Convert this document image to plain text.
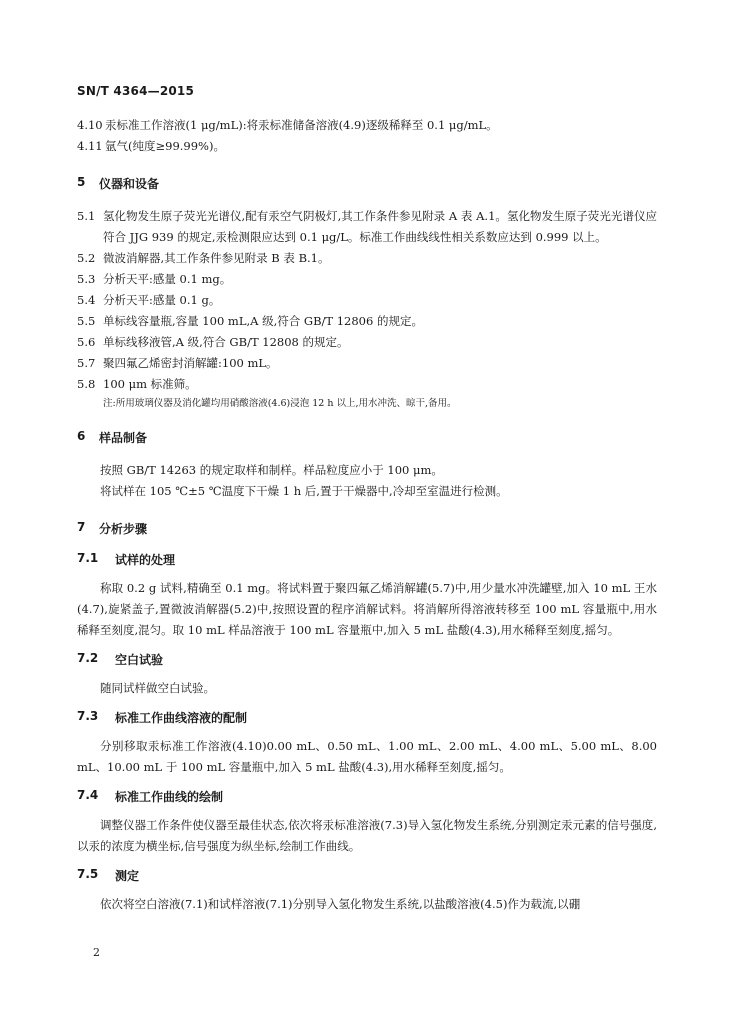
SN/T 4364—2015
4.10 汞标准工作溶液(1 μg/mL):将汞标准储备溶液(4.9)逐级稀释至 0.1 μg/mL。
4.11 氩气(纯度≥99.99%)。
5	仪器和设备
5.1 氢化物发生原子荧光光谱仪,配有汞空气阴极灯,其工作条件参见附录 A 表 A.1。氢化物发生原子荧光光谱仪应符合 JJG 939 的规定,汞检测限应达到 0.1 μg/L。标准工作曲线线性相关系数应达到 0.999 以上。
5.2 微波消解器,其工作条件参见附录 B 表 B.1。
5.3 分析天平:感量 0.1 mg。
5.4 分析天平:感量 0.1 g。
5.5 单标线容量瓶,容量 100 mL,A 级,符合 GB/T 12806 的规定。
5.6 单标线移液管,A 级,符合 GB/T 12808 的规定。
5.7 聚四氟乙烯密封消解罐:100 mL。
5.8 100 μm 标准筛。
注:所用玻璃仪器及消化罐均用硝酸溶液(4.6)浸泡 12 h 以上,用水冲洗、晾干,备用。
6	样品制备

按照 GB/T 14263 的规定取样和制样。样品粒度应小于 100 μm。

将试样在 105 ℃±5 ℃温度下干燥 1 h 后,置于干燥器中,冷却至室温进行检测。

7	分析步骤
7.1	试样的处理

称取 0.2 g 试料,精确至 0.1 mg。将试料置于聚四氟乙烯消解罐(5.7)中,用少量水冲洗罐壁,加入 10 mL 王水(4.7),旋紧盖子,置微波消解器(5.2)中,按照设置的程序消解试料。将消解所得溶液转移至 100 mL 容量瓶中,用水稀释至刻度,混匀。取 10 mL 样品溶液于 100 mL 容量瓶中,加入 5 mL 盐酸(4.3),用水稀释至刻度,摇匀。

7.2	空白试验

随同试样做空白试验。

7.3	标准工作曲线溶液的配制

分别移取汞标准工作溶液(4.10)0.00 mL、0.50 mL、1.00 mL、2.00 mL、4.00 mL、5.00 mL、8.00 mL、10.00 mL 于 100 mL 容量瓶中,加入 5 mL 盐酸(4.3),用水稀释至刻度,摇匀。

7.4	标准工作曲线的绘制

调整仪器工作条件使仪器至最佳状态,依次将汞标准溶液(7.3)导入氢化物发生系统,分别测定汞元素的信号强度,以汞的浓度为横坐标,信号强度为纵坐标,绘制工作曲线。

7.5	测定

依次将空白溶液(7.1)和试样溶液(7.1)分别导入氢化物发生系统,以盐酸溶液(4.5)作为载流,以硼

2
